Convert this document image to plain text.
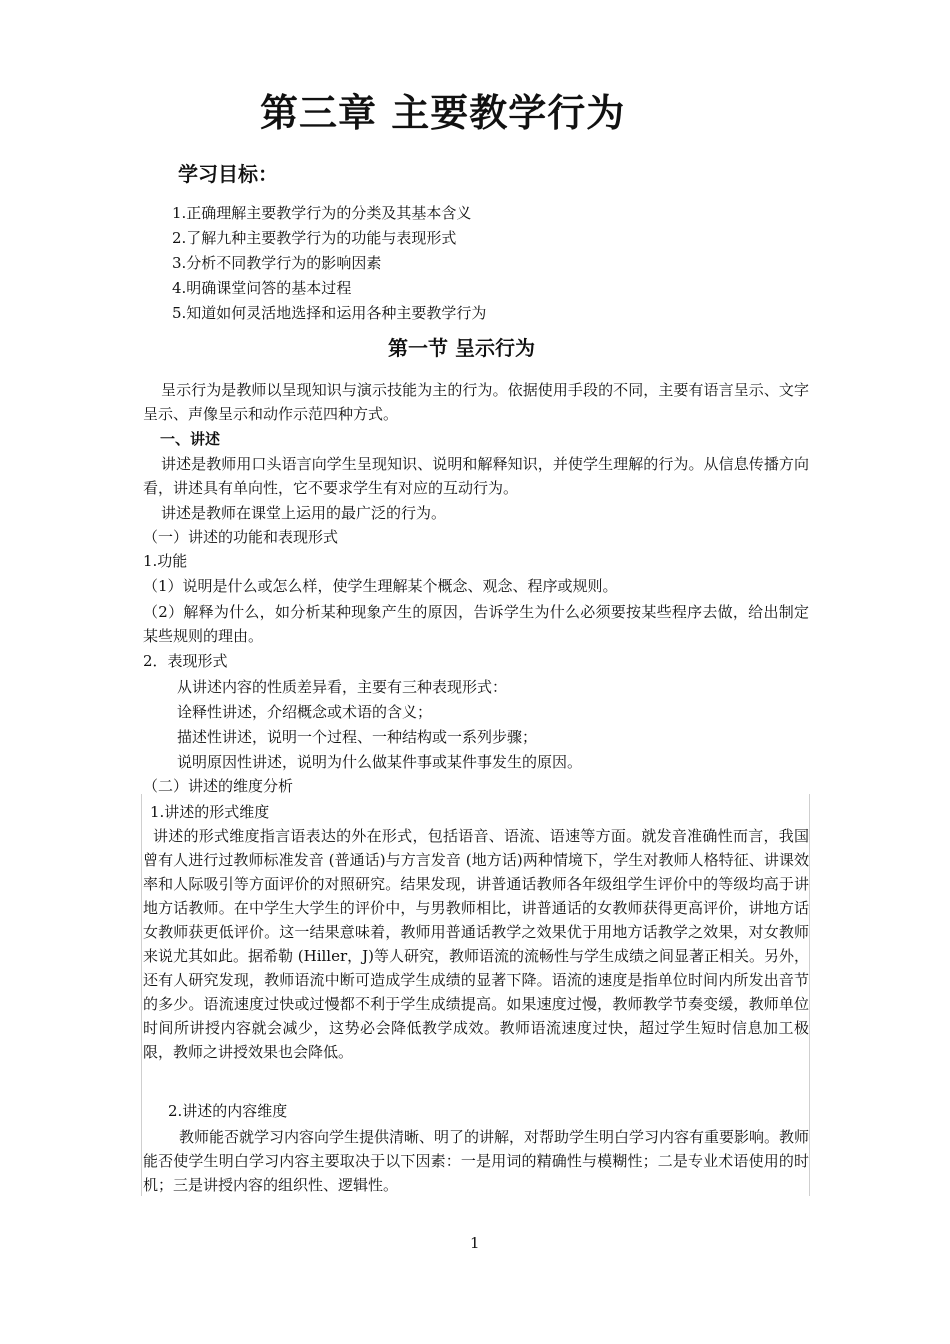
第三章 主要教学行为
学习目标：
1.正确理解主要教学行为的分类及其基本含义
2.了解九种主要教学行为的功能与表现形式
3.分析不同教学行为的影响因素
4.明确课堂问答的基本过程
5.知道如何灵活地选择和运用各种主要教学行为
第一节 呈示行为
呈示行为是教师以呈现知识与演示技能为主的行为。依据使用手段的不同，主要有语言呈示、文字呈示、声像呈示和动作示范四种方式。
一、讲述
讲述是教师用口头语言向学生呈现知识、说明和解释知识，并使学生理解的行为。从信息传播方向看，讲述具有单向性，它不要求学生有对应的互动行为。
讲述是教师在课堂上运用的最广泛的行为。
（一）讲述的功能和表现形式
1.功能
（1）说明是什么或怎么样，使学生理解某个概念、观念、程序或规则。
（2）解释为什么，如分析某种现象产生的原因，告诉学生为什么必须要按某些程序去做，给出制定某些规则的理由。
2．表现形式
从讲述内容的性质差异看，主要有三种表现形式：
诠释性讲述，介绍概念或术语的含义；
描述性讲述，说明一个过程、一种结构或一系列步骤；
说明原因性讲述，说明为什么做某件事或某件事发生的原因。
（二）讲述的维度分析
1.讲述的形式维度
讲述的形式维度指言语表达的外在形式，包括语音、语流、语速等方面。就发音准确性而言，我国曾有人进行过教师标准发音 (普通话)与方言发音 (地方话)两种情境下，学生对教师人格特征、讲课效率和人际吸引等方面评价的对照研究。结果发现，讲普通话教师各年级组学生评价中的等级均高于讲地方话教师。在中学生大学生的评价中，与男教师相比，讲普通话的女教师获得更高评价，讲地方话女教师获更低评价。这一结果意味着，教师用普通话教学之效果优于用地方话教学之效果，对女教师来说尤其如此。据希勒 (Hiller，J)等人研究，教师语流的流畅性与学生成绩之间显著正相关。另外，还有人研究发现，教师语流中断可造成学生成绩的显著下降。语流的速度是指单位时间内所发出音节的多少。语流速度过快或过慢都不利于学生成绩提高。如果速度过慢，教师教学节奏变缓，教师单位时间所讲授内容就会减少，这势必会降低教学成效。教师语流速度过快，超过学生短时信息加工极限，教师之讲授效果也会降低。
2.讲述的内容维度
教师能否就学习内容向学生提供清晰、明了的讲解，对帮助学生明白学习内容有重要影响。教师能否使学生明白学习内容主要取决于以下因素：一是用词的精确性与模糊性；二是专业术语使用的时机；三是讲授内容的组织性、逻辑性。
1
